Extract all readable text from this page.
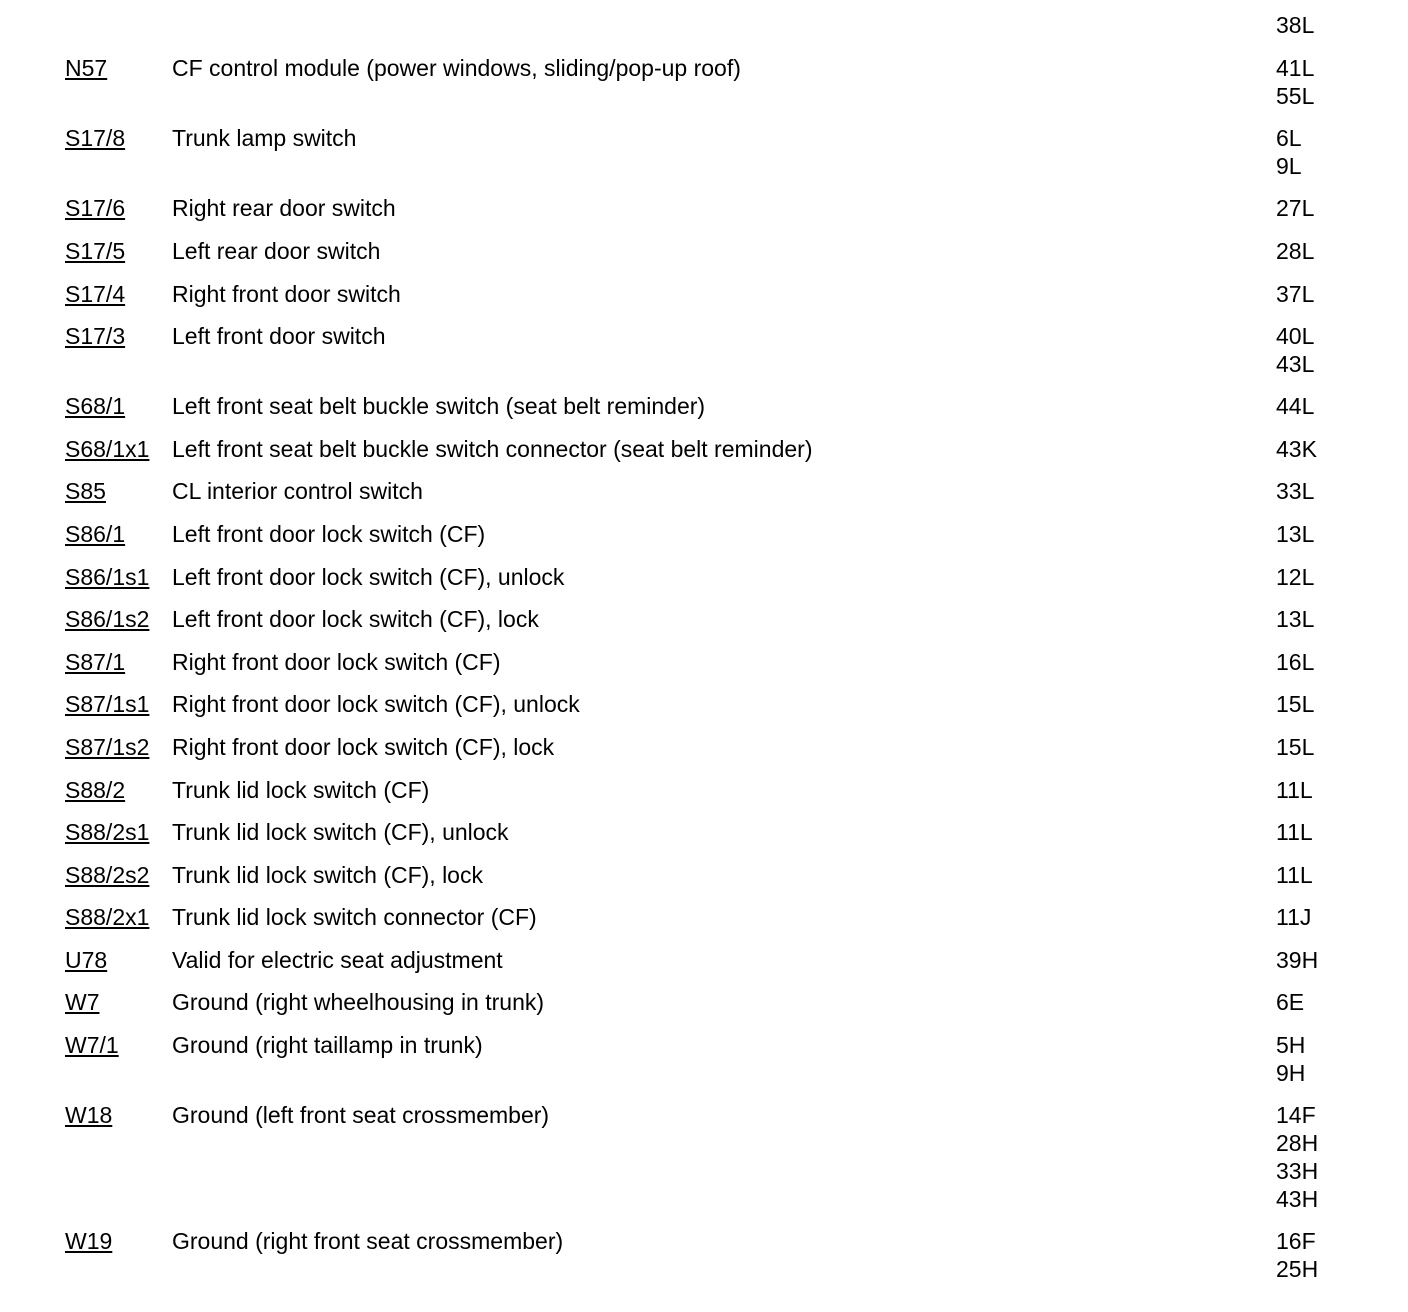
38L
N57	CF control module (power windows, sliding/pop-up roof)	41L
55L
S17/8 Trunk lamp switch	6L
9L
S17/6 Right rear door switch	27L
S17/5 Left rear door switch	28L
S17/4 Right front door switch	37L
S17/3 Left front door switch	40L
43L
S68/1 Left front seat belt buckle switch (seat belt reminder)	44L
S68/1x1 Left front seat belt buckle switch connector (seat belt reminder)	43K
S85	CL interior control switch	33L
S86/1 Left front door lock switch (CF)	13L
S86/1s1 Left front door lock switch (CF), unlock	12L
S86/1s2 Left front door lock switch (CF), lock	13L
S87/1 Right front door lock switch (CF)	16L
S87/1s1 Right front door lock switch (CF), unlock	15L
S87/1s2 Right front door lock switch (CF), lock	15L
S88/2 Trunk lid lock switch (CF)	11L
S88/2s1 Trunk lid lock switch (CF), unlock	11L
S88/2s2 Trunk lid lock switch (CF), lock	11L
S88/2x1 Trunk lid lock switch connector (CF)	11J
U78	Valid for electric seat adjustment	39H
W7	Ground (right wheelhousing in trunk)	6E
W7/1 Ground (right taillamp in trunk)	5H
9H
W18	Ground (left front seat crossmember)	14F
28H
33H
43H
W19	Ground (right front seat crossmember)	16F
25H
